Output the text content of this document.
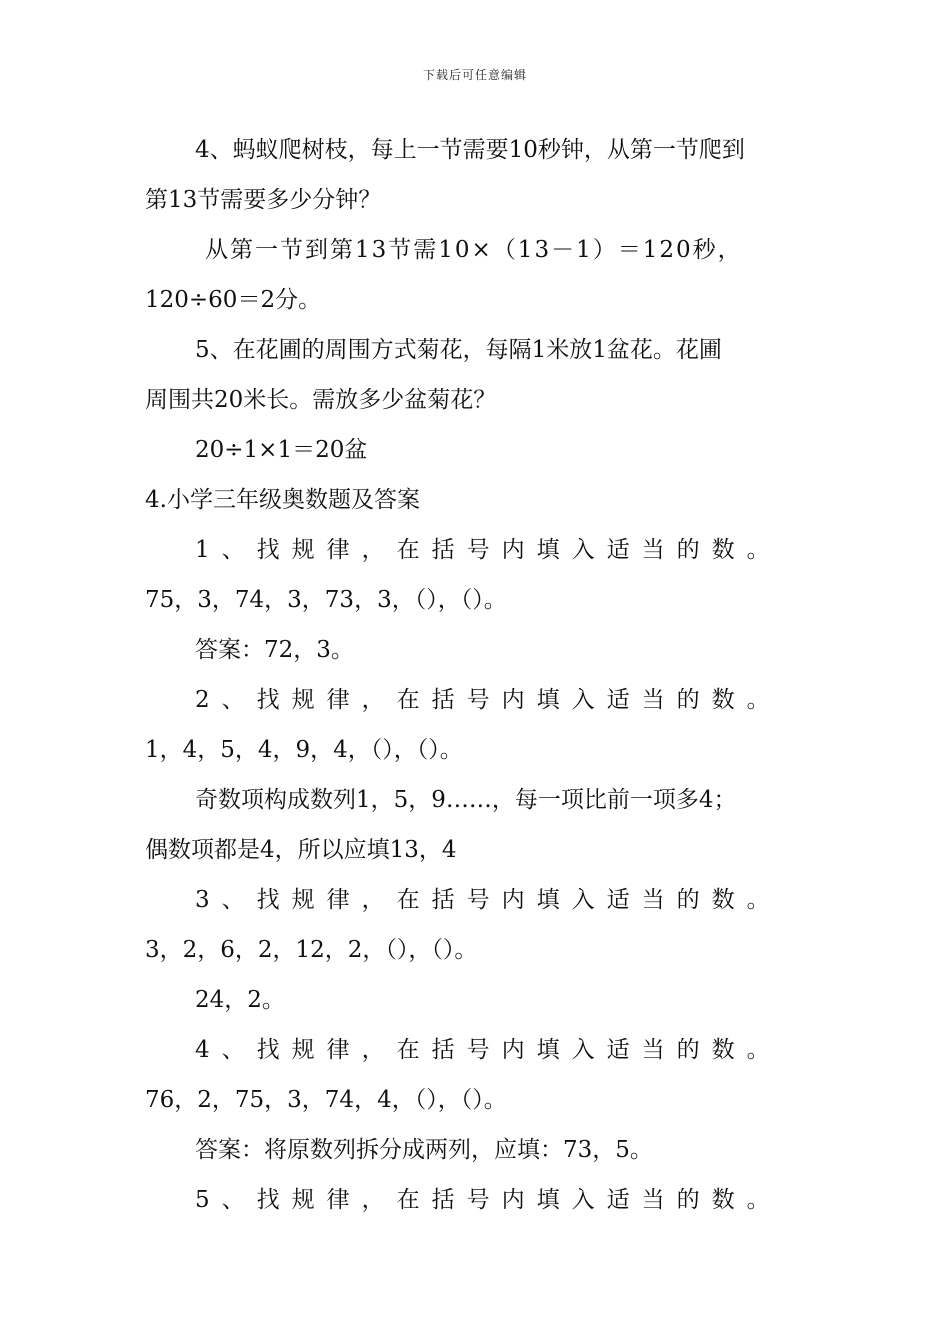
下载后可任意编辑
4、蚂蚁爬树枝，每上一节需要10秒钟，从第一节爬到
第13节需要多少分钟？
从第一节到第13节需10×（13－1）＝120秒，
120÷60＝2分。
5、在花圃的周围方式菊花，每隔1米放1盆花。花圃
周围共20米长。需放多少盆菊花？
20÷1×1＝20盆
4.小学三年级奥数题及答案
1、找规律，在括号内填入适当的数。
75，3，74，3，73，3，（），（）。
答案：72，3。
2、找规律，在括号内填入适当的数。
1，4，5，4，9，4，（），（）。
奇数项构成数列1，5，9……，每一项比前一项多4；
偶数项都是4，所以应填13，4
3、找规律，在括号内填入适当的数。
3，2，6，2，12，2，（），（）。
24，2。
4、找规律，在括号内填入适当的数。
76，2，75，3，74，4，（），（）。
答案：将原数列拆分成两列，应填：73，5。
5、找规律，在括号内填入适当的数。
